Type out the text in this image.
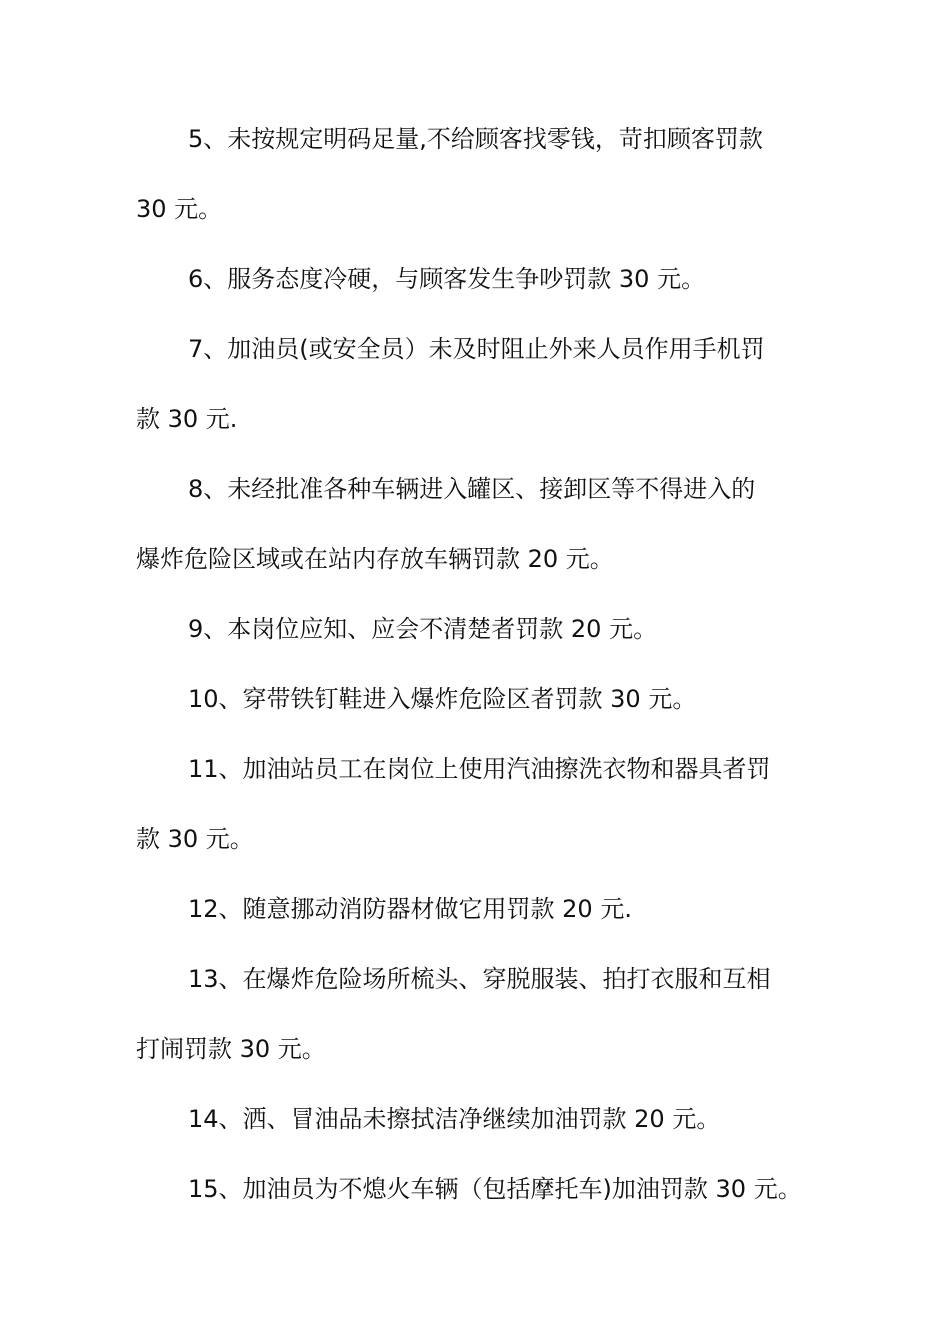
5、未按规定明码足量,不给顾客找零钱，苛扣顾客罚款
30 元。

6、服务态度冷硬，与顾客发生争吵罚款 30 元。

7、加油员(或安全员）未及时阻止外来人员作用手机罚
款 30 元.

8、未经批准各种车辆进入罐区、接卸区等不得进入的
爆炸危险区域或在站内存放车辆罚款 20 元。

9、本岗位应知、应会不清楚者罚款 20 元。

10、穿带铁钉鞋进入爆炸危险区者罚款 30 元。

11、加油站员工在岗位上使用汽油擦洗衣物和器具者罚
款 30 元。

12、随意挪动消防器材做它用罚款 20 元.

13、在爆炸危险场所梳头、穿脱服装、拍打衣服和互相
打闹罚款 30 元。

14、洒、冒油品未擦拭洁净继续加油罚款 20 元。

15、加油员为不熄火车辆（包括摩托车)加油罚款 30 元。
